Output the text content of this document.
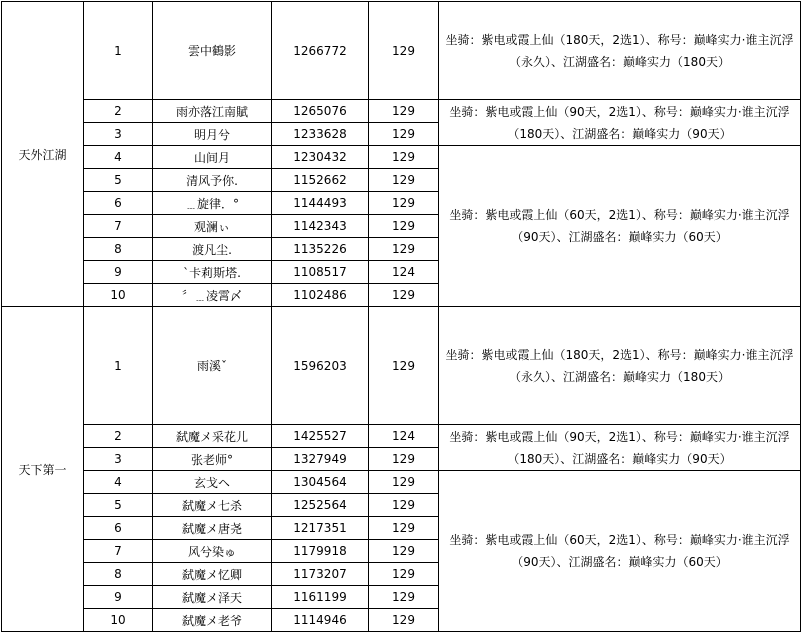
天外江湖	1	雲中鶴影	1266772	129	坐骑：紫电或霞上仙（180天，2选1）、称号：巅峰实力·谁主沉浮（永久）、江湖盛名：巅峰实力（180天）
	2	雨亦落江南賦	1265076	129	坐骑：紫电或霞上仙（90天，2选1）、称号：巅峰实力·谁主沉浮（180天）、江湖盛名：巅峰实力（90天）
	3	明月兮	1233628	129	
	4	山间月	1230432	129	坐骑：紫电或霞上仙（60天，2选1）、称号：巅峰实力·谁主沉浮（90天）、江湖盛名：巅峰实力（60天）
	5	清风予你.	1152662	129	
	6	﹍旋律．°	1144493	129	
	7	观澜ぃ	1142343	129	
	8	渡凡尘.	1135226	129	
	9	ˋ卡莉斯塔.	1108517	124	
	10	〞﹍凌霄〆	1102486	129	
天下第一	1	雨溪ˇ	1596203	129	坐骑：紫电或霞上仙（180天，2选1）、称号：巅峰实力·谁主沉浮（永久）、江湖盛名：巅峰实力（180天）
	2	弑魔メ采花儿	1425527	124	坐骑：紫电或霞上仙（90天，2选1）、称号：巅峰实力·谁主沉浮（180天）、江湖盛名：巅峰实力（90天）
	3	张老师°	1327949	129	
	4	玄戈ヘ	1304564	129	坐骑：紫电或霞上仙（60天，2选1）、称号：巅峰实力·谁主沉浮（90天）、江湖盛名：巅峰实力（60天）
	5	弑魔メ七杀	1252564	129	
	6	弑魔メ唐尧	1217351	129	
	7	风兮染ゅ	1179918	129	
	8	弑魔メ忆卿	1173207	129	
	9	弑魔メ泽天	1161199	129	
	10	弑魔メ老爷	1114946	129	
